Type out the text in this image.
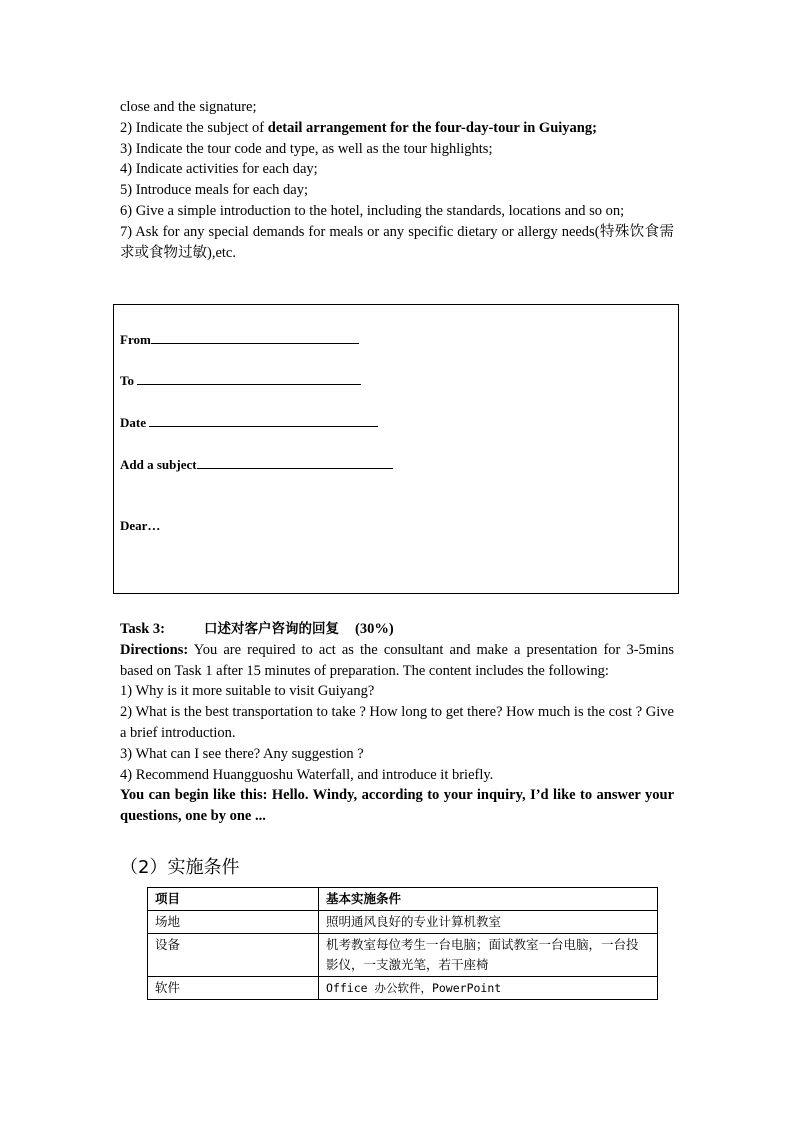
close and the signature;

2) Indicate the subject of detail arrangement for the four-day-tour in Guiyang;

3) Indicate the tour code and type, as well as the tour highlights;

4) Indicate activities for each day;

5) Introduce meals for each day;

6) Give a simple introduction to the hotel, including the standards, locations and so on;

7) Ask for any special demands for meals or any specific dietary or allergy needs(特殊饮食需求或食物过敏),etc.

From
To
Date
Add a subject
Dear…

Task 3:	口述对客户咨询的回复 (30%)

Directions: You are required to act as the consultant and make a presentation for 3-5mins based on Task 1 after 15 minutes of preparation. The content includes the following:

1) Why is it more suitable to visit Guiyang?

2) What is the best transportation to take ? How long to get there? How much is the cost ? Give a brief introduction.

3) What can I see there? Any suggestion ?

4) Recommend Huangguoshu Waterfall, and introduce it briefly.

You can begin like this: Hello. Windy, according to your inquiry, I’d like to answer your questions, one by one ...

（2）实施条件
项目	基本实施条件
场地	照明通风良好的专业计算机教室
设备	机考教室每位考生一台电脑；面试教室一台电脑，一台投影仪，一支激光笔，若干座椅
软件	Office 办公软件，PowerPoint
